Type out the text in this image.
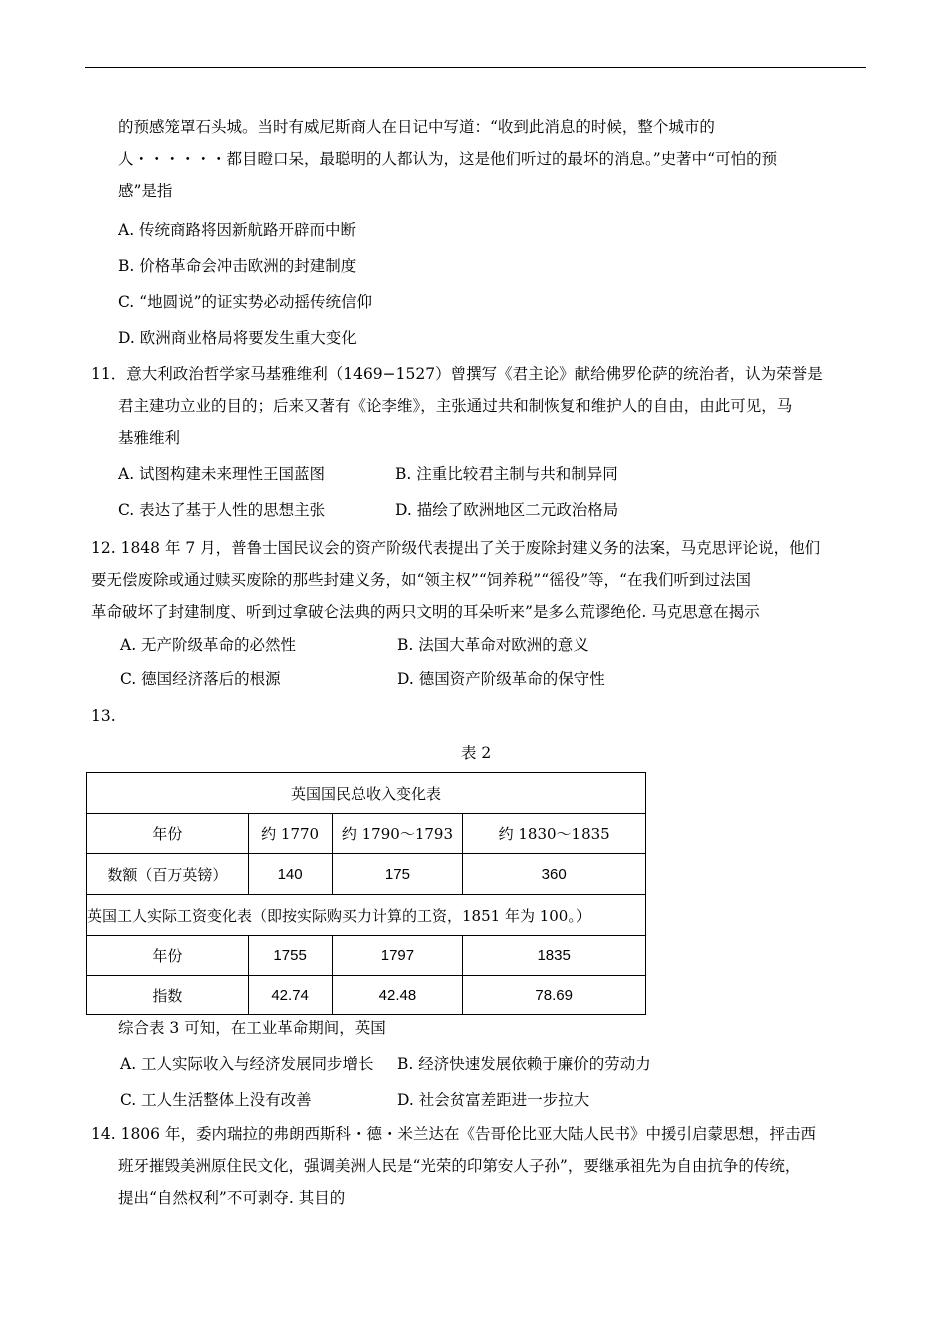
的预感笼罩石头城。当时有威尼斯商人在日记中写道：“收到此消息的时候，整个城市的
人・・・・・・都目瞪口呆，最聪明的人都认为，这是他们听过的最坏的消息。”史著中“可怕的预
感”是指
A. 传统商路将因新航路开辟而中断
B. 价格革命会冲击欧洲的封建制度
C. “地圆说”的证实势必动摇传统信仰
D. 欧洲商业格局将要发生重大变化
11．意大利政治哲学家马基雅维利（1469−1527）曾撰写《君主论》献给佛罗伦萨的统治者，认为荣誉是
君主建功立业的目的；后来又著有《论李维》，主张通过共和制恢复和维护人的自由，由此可见，马
基雅维利
A. 试图构建未来理性王国蓝图	B. 注重比较君主制与共和制异同
C. 表达了基于人性的思想主张	D. 描绘了欧洲地区二元政治格局
12. 1848 年 7 月，普鲁士国民议会的资产阶级代表提出了关于废除封建义务的法案，马克思评论说，他们
要无偿废除或通过赎买废除的那些封建义务，如“领主权”“饲养税”“徭役”等，“在我们听到过法国
革命破坏了封建制度、听到过拿破仑法典的两只文明的耳朵听来”是多么荒谬绝伦. 马克思意在揭示
A. 无产阶级革命的必然性	B. 法国大革命对欧洲的意义
C. 德国经济落后的根源	D. 德国资产阶级革命的保守性
13.
表 2
英国国民总收入变化表			
年份	约 1770	约 1790～1793	约 1830～1835
数额（百万英镑）	140	175	360
英国工人实际工资变化表（即按实际购买力计算的工资，1851 年为 100。）			
年份	1755	1797	1835
指数	42.74	42.48	78.69
综合表 3 可知，在工业革命期间，英国
A. 工人实际收入与经济发展同步增长 B. 经济快速发展依赖于廉价的劳动力
C. 工人生活整体上没有改善	D. 社会贫富差距进一步拉大
14. 1806 年，委内瑞拉的弗朗西斯科・德・米兰达在《告哥伦比亚大陆人民书》中援引启蒙思想，抨击西
班牙摧毁美洲原住民文化，强调美洲人民是“光荣的印第安人子孙”，要继承祖先为自由抗争的传统，
提出“自然权利”不可剥夺. 其目的
